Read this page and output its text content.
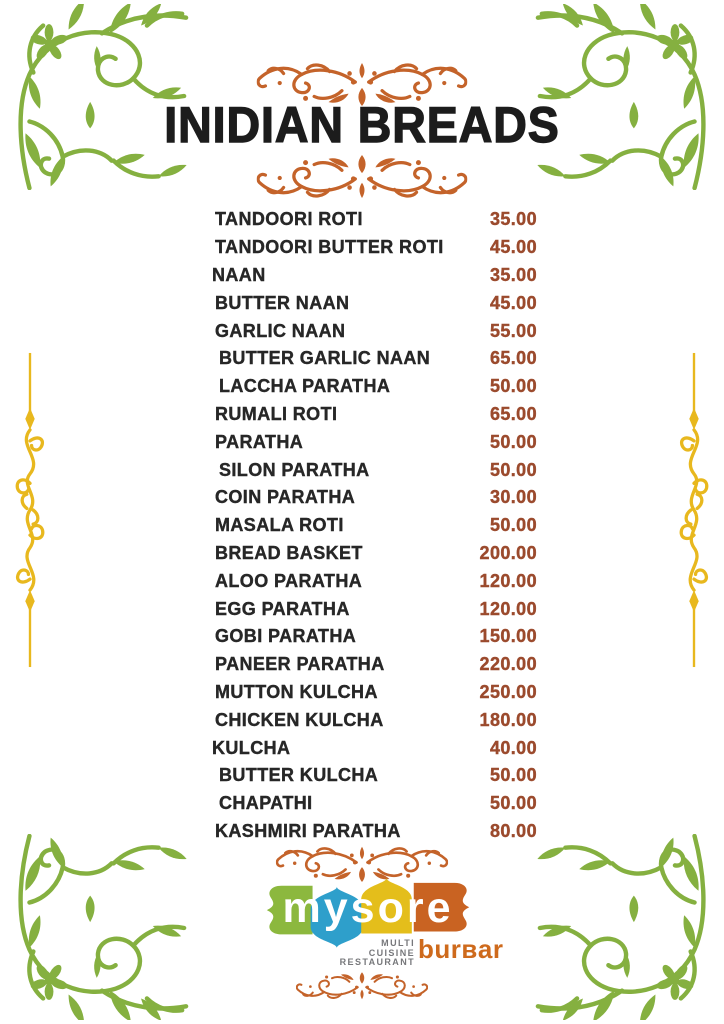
INIDIAN BREADS
TANDOORI ROTI	35.00
TANDOORI BUTTER ROTI	45.00
NAAN	35.00
BUTTER NAAN	45.00
GARLIC NAAN	55.00
BUTTER GARLIC NAAN	65.00
LACCHA PARATHA	50.00
RUMALI ROTI	65.00
PARATHA	50.00
SILON PARATHA	50.00
COIN PARATHA	30.00
MASALA ROTI	50.00
BREAD BASKET	200.00
ALOO PARATHA	120.00
EGG PARATHA	120.00
GOBI PARATHA	150.00
PANEER PARATHA	220.00
MUTTON KULCHA	250.00
CHICKEN KULCHA	180.00
KULCHA	40.00
BUTTER KULCHA	50.00
CHAPATHI	50.00
KASHMIRI PARATHA	80.00
mysore
MULTI
CUISINE
RESTAURANT burʙar
